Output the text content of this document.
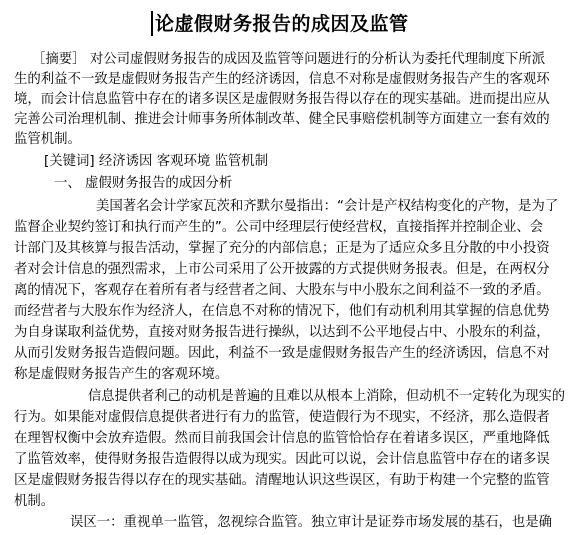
论虚假财务报告的成因及监管
［摘要］ 对公司虚假财务报告的成因及监管等问题进行的分析认为委托代理制度下所派
生的利益不一致是虚假财务报告产生的经济诱因，信息不对称是虚假财务报告产生的客观环
境，而会计信息监管中存在的诸多误区是虚假财务报告得以存在的现实基础。进而提出应从
完善公司治理机制、推进会计师事务所体制改革、健全民事赔偿机制等方面建立一套有效的
监管机制。
[关键词] 经济诱因 客观环境 监管机制
一、 虚假财务报告的成因分析
美国著名会计学家瓦茨和齐默尔曼指出：“会计是产权结构变化的产物，是为了
监督企业契约签订和执行而产生的”。公司中经理层行使经营权，直接指挥并控制企业、会
计部门及其核算与报告活动，掌握了充分的内部信息；正是为了适应众多且分散的中小投资
者对会计信息的强烈需求，上市公司采用了公开披露的方式提供财务报表。但是，在两权分
离的情况下，客观存在着所有者与经营者之间、大股东与中小股东之间利益不一致的矛盾。
而经营者与大股东作为经济人，在信息不对称的情况下，他们有动机利用其掌握的信息优势
为自身谋取利益优势，直接对财务报告进行操纵，以达到不公平地侵占中、小股东的利益，
从而引发财务报告造假问题。因此，利益不一致是虚假财务报告产生的经济诱因，信息不对
称是虚假财务报告产生的客观环境。
信息提供者利己的动机是普遍的且难以从根本上消除，但动机不一定转化为现实的
行为。如果能对虚假信息提供者进行有力的监管，使造假行为不现实，不经济，那么造假者
在理智权衡中会放弃造假。然而目前我国会计信息的监管恰恰存在着诸多误区，严重地降低
了监管效率，使得财务报告造假得以成为现实。因此可以说，会计信息监管中存在的诸多误
区是虚假财务报告得以存在的现实基础。清醒地认识这些误区，有助于构建一个完整的监管
机制。
误区一：重视单一监管，忽视综合监管。独立审计是证券市场发展的基石，也是确
